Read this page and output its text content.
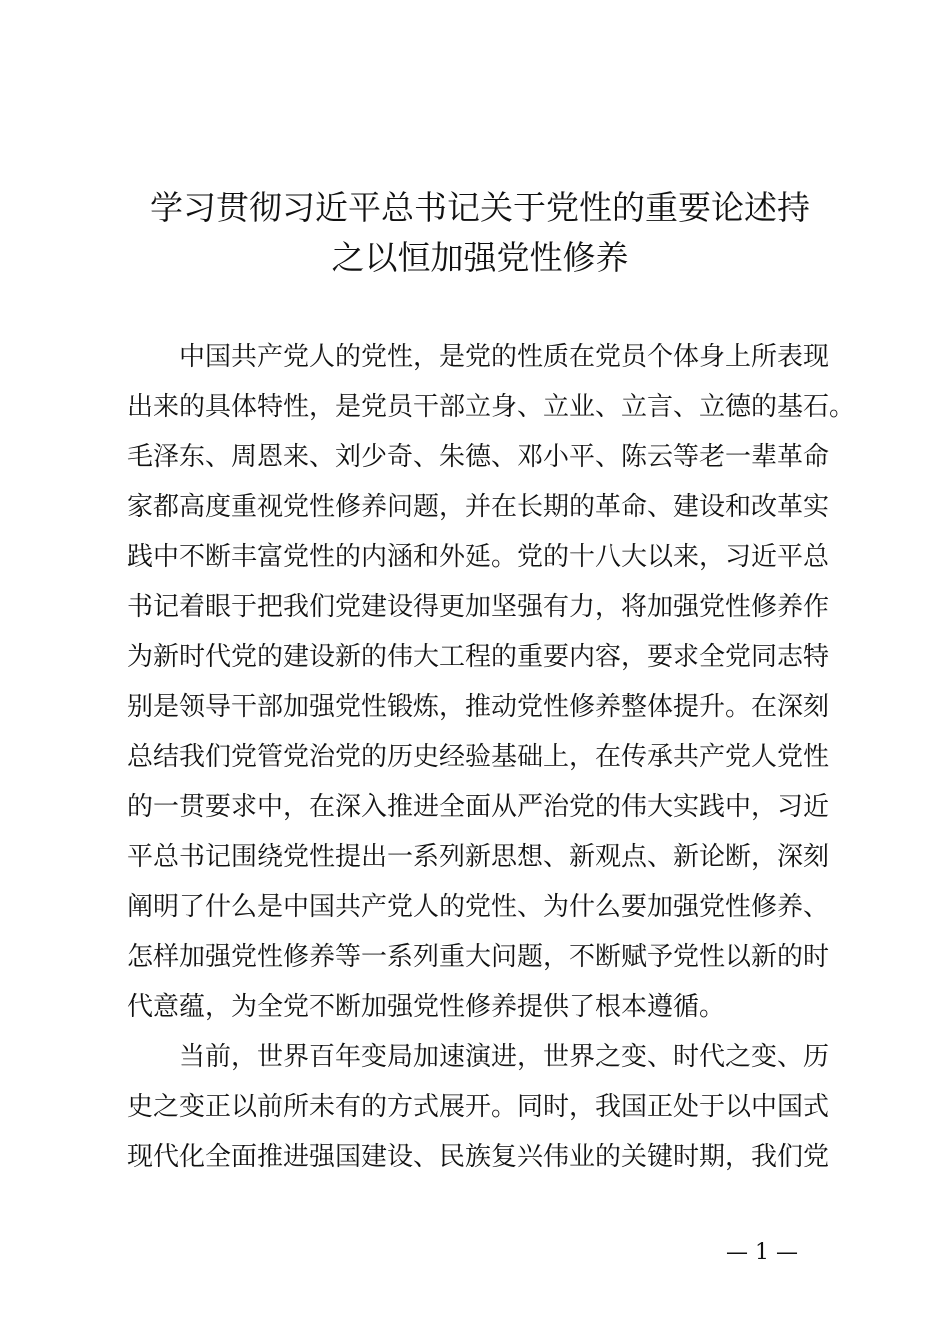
学习贯彻习近平总书记关于党性的重要论述持
之以恒加强党性修养

中国共产党人的党性，是党的性质在党员个体身上所表现

出来的具体特性，是党员干部立身、立业、立言、立德的基石。

毛泽东、周恩来、刘少奇、朱德、邓小平、陈云等老一辈革命

家都高度重视党性修养问题，并在长期的革命、建设和改革实

践中不断丰富党性的内涵和外延。党的十八大以来，习近平总

书记着眼于把我们党建设得更加坚强有力，将加强党性修养作

为新时代党的建设新的伟大工程的重要内容，要求全党同志特

别是领导干部加强党性锻炼，推动党性修养整体提升。在深刻

总结我们党管党治党的历史经验基础上，在传承共产党人党性

的一贯要求中，在深入推进全面从严治党的伟大实践中，习近

平总书记围绕党性提出一系列新思想、新观点、新论断，深刻

阐明了什么是中国共产党人的党性、为什么要加强党性修养、

怎样加强党性修养等一系列重大问题，不断赋予党性以新的时

代意蕴，为全党不断加强党性修养提供了根本遵循。

当前，世界百年变局加速演进，世界之变、时代之变、历

史之变正以前所未有的方式展开。同时，我国正处于以中国式

现代化全面推进强国建设、民族复兴伟业的关键时期，我们党

— 1 —
